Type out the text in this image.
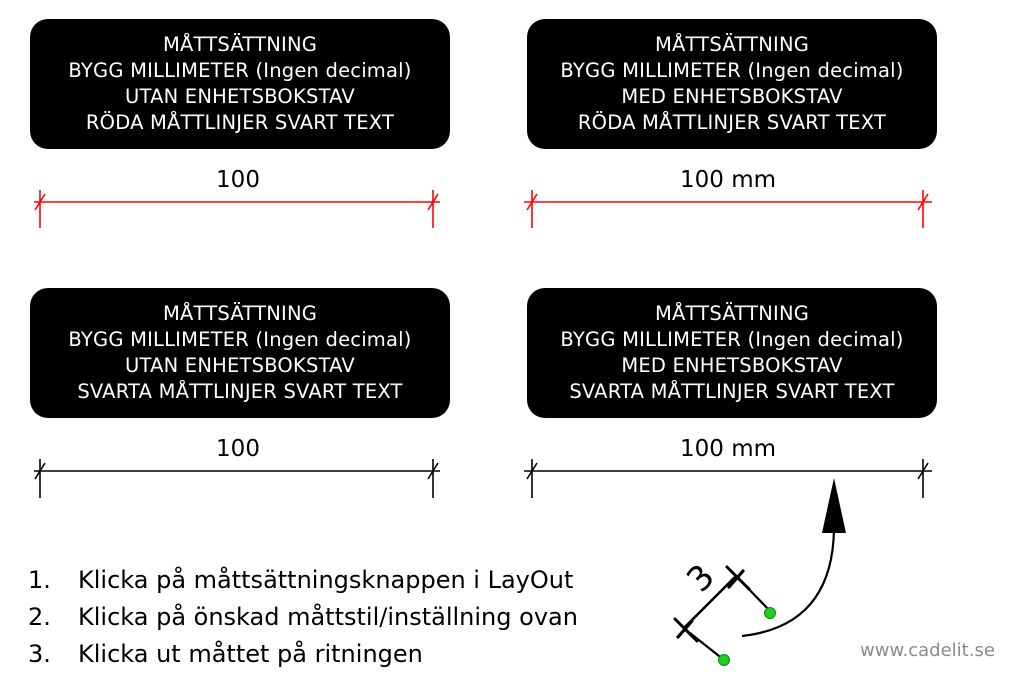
MÅTTSÄTTNING
BYGG MILLIMETER (Ingen decimal)
UTAN ENHETSBOKSTAV
RÖDA MÅTTLINJER SVART TEXT
MÅTTSÄTTNING
BYGG MILLIMETER (Ingen decimal)
MED ENHETSBOKSTAV
RÖDA MÅTTLINJER SVART TEXT
MÅTTSÄTTNING
BYGG MILLIMETER (Ingen decimal)
UTAN ENHETSBOKSTAV
SVARTA MÅTTLINJER SVART TEXT
MÅTTSÄTTNING
BYGG MILLIMETER (Ingen decimal)
MED ENHETSBOKSTAV
SVARTA MÅTTLINJER SVART TEXT
100	100 mm
100	100 mm
3
1. Klicka på måttsättningsknappen i LayOut
2. Klicka på önskad måttstil/inställning ovan
3. Klicka ut måttet på ritningen	www.cadelit.se
